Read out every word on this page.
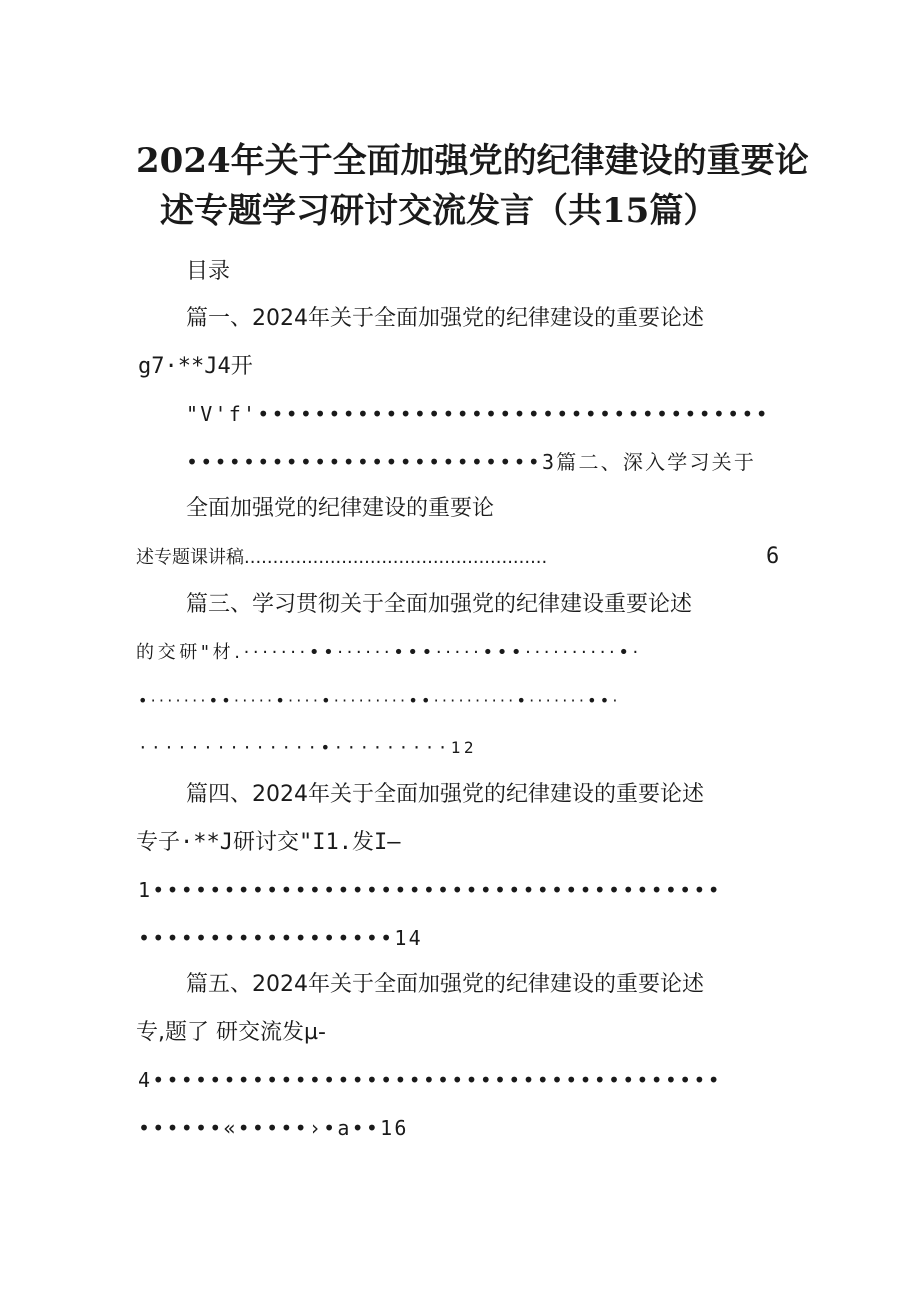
2024年关于全面加强党的纪律建设的重要论
述专题学习研讨交流发言（共15篇）
目录
篇一、2024年关于全面加强党的纪律建设的重要论述
g7·**J4开
"V'f'••••••••••••••••••••••••••••••••••••
•••••••••••••••••••••••••3篇二、深入学习关于
全面加强党的纪律建设的重要论
述专题课讲稿.....................................................	6
篇三、学习贯彻关于全面加强党的纪律建设重要论述
的交研"材.·······••······•••·····•••··········•·
•·······••·····•····•·········••··········•·······••·
··············•·········12
篇四、2024年关于全面加强党的纪律建设的重要论述
专子·**J研讨交"I1.发I—
1••••••••••••••••••••••••••••••••••••••••
••••••••••••••••••14
篇五、2024年关于全面加强党的纪律建设的重要论述
专,题了 研交流发µ-
4••••••••••••••••••••••••••••••••••••••••
••••••«•••••›•a••16
